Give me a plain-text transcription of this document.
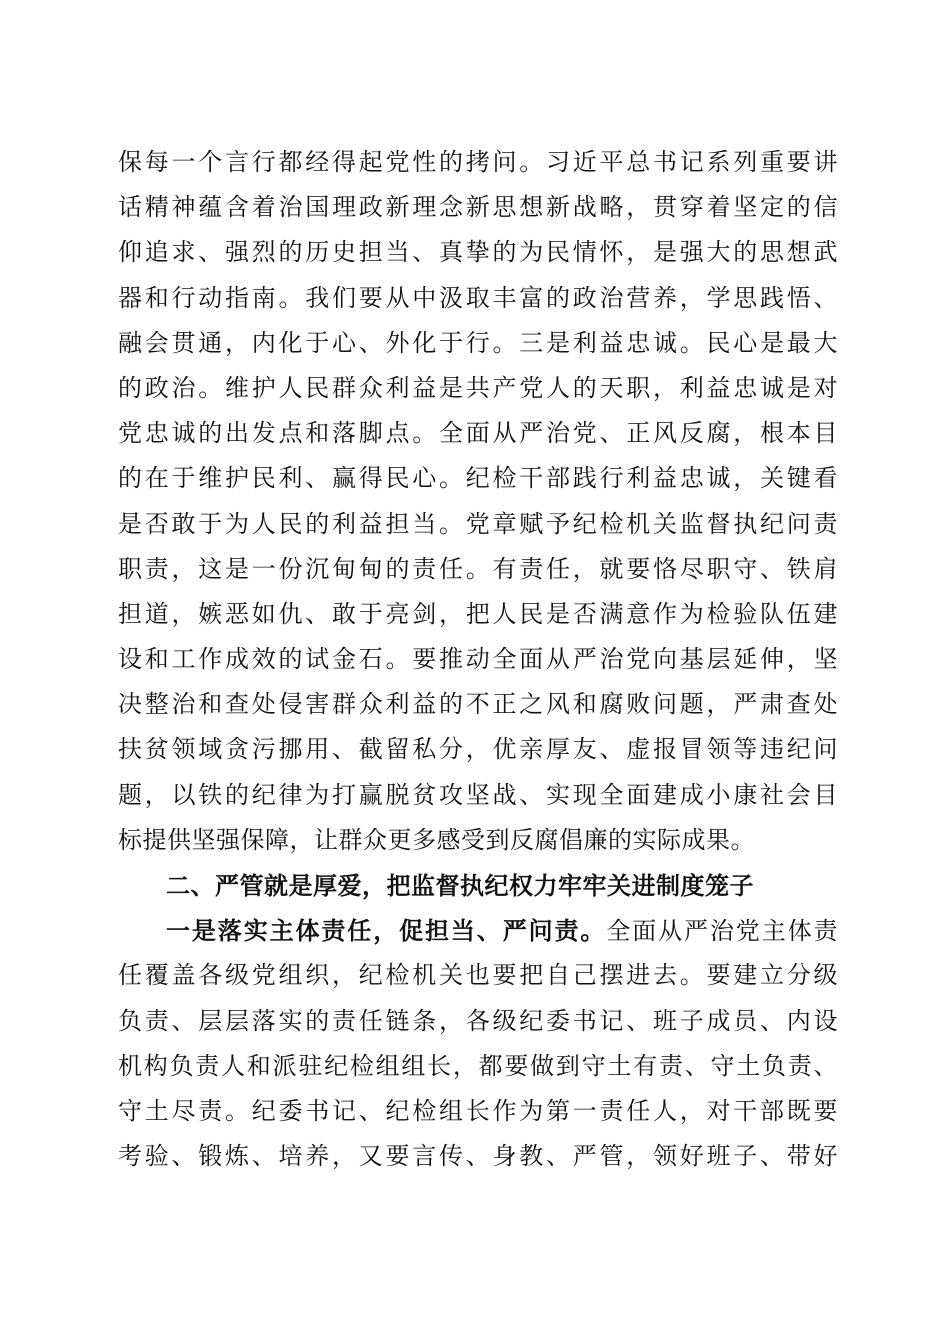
保每一个言行都经得起党性的拷问。习近平总书记系列重要讲
话精神蕴含着治国理政新理念新思想新战略，贯穿着坚定的信
仰追求、强烈的历史担当、真挚的为民情怀，是强大的思想武
器和行动指南。我们要从中汲取丰富的政治营养，学思践悟、
融会贯通，内化于心、外化于行。三是利益忠诚。民心是最大
的政治。维护人民群众利益是共产党人的天职，利益忠诚是对
党忠诚的出发点和落脚点。全面从严治党、正风反腐，根本目
的在于维护民利、赢得民心。纪检干部践行利益忠诚，关键看
是否敢于为人民的利益担当。党章赋予纪检机关监督执纪问责
职责，这是一份沉甸甸的责任。有责任，就要恪尽职守、铁肩
担道，嫉恶如仇、敢于亮剑，把人民是否满意作为检验队伍建
设和工作成效的试金石。要推动全面从严治党向基层延伸，坚
决整治和查处侵害群众利益的不正之风和腐败问题，严肃查处
扶贫领域贪污挪用、截留私分，优亲厚友、虚报冒领等违纪问
题，以铁的纪律为打赢脱贫攻坚战、实现全面建成小康社会目
标提供坚强保障，让群众更多感受到反腐倡廉的实际成果。
二、严管就是厚爱，把监督执纪权力牢牢关进制度笼子
一是落实主体责任，促担当、严问责。全面从严治党主体责
任覆盖各级党组织，纪检机关也要把自己摆进去。要建立分级
负责、层层落实的责任链条，各级纪委书记、班子成员、内设
机构负责人和派驻纪检组组长，都要做到守土有责、守土负责、
守土尽责。纪委书记、纪检组长作为第一责任人，对干部既要
考验、锻炼、培养，又要言传、身教、严管，领好班子、带好
